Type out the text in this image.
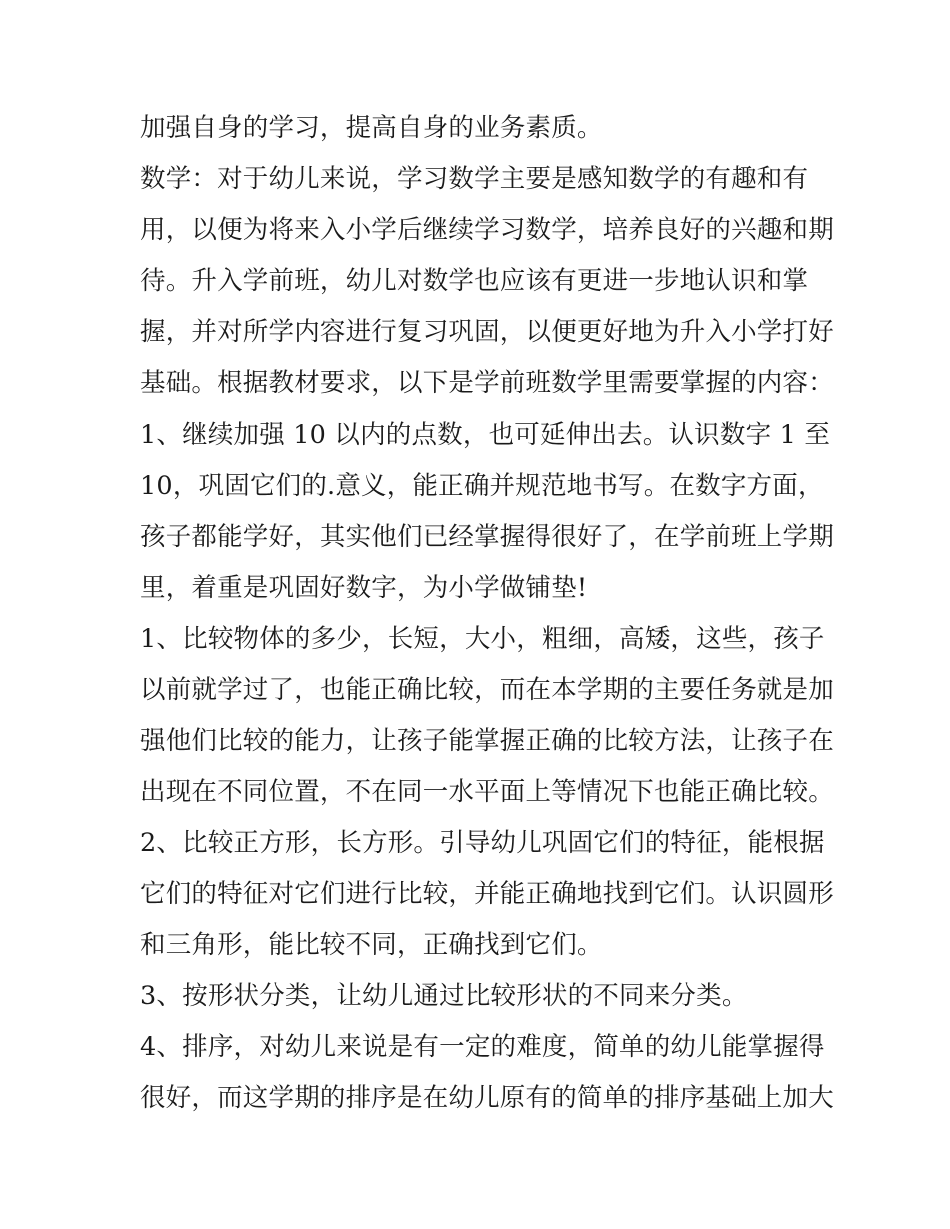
加强自身的学习，提高自身的业务素质。
数学：对于幼儿来说，学习数学主要是感知数学的有趣和有
用，以便为将来入小学后继续学习数学，培养良好的兴趣和期
待。升入学前班，幼儿对数学也应该有更进一步地认识和掌
握，并对所学内容进行复习巩固，以便更好地为升入小学打好
基础。根据教材要求，以下是学前班数学里需要掌握的内容：
1、继续加强 10 以内的点数，也可延伸出去。认识数字 1 至
10，巩固它们的.意义，能正确并规范地书写。在数字方面，
孩子都能学好，其实他们已经掌握得很好了，在学前班上学期
里，着重是巩固好数字，为小学做铺垫!
1、比较物体的多少，长短，大小，粗细，高矮，这些，孩子
以前就学过了，也能正确比较，而在本学期的主要任务就是加
强他们比较的能力，让孩子能掌握正确的比较方法，让孩子在
出现在不同位置，不在同一水平面上等情况下也能正确比较。
2、比较正方形，长方形。引导幼儿巩固它们的特征，能根据
它们的特征对它们进行比较，并能正确地找到它们。认识圆形
和三角形，能比较不同，正确找到它们。
3、按形状分类，让幼儿通过比较形状的不同来分类。
4、排序，对幼儿来说是有一定的难度，简单的幼儿能掌握得
很好，而这学期的排序是在幼儿原有的简单的排序基础上加大
